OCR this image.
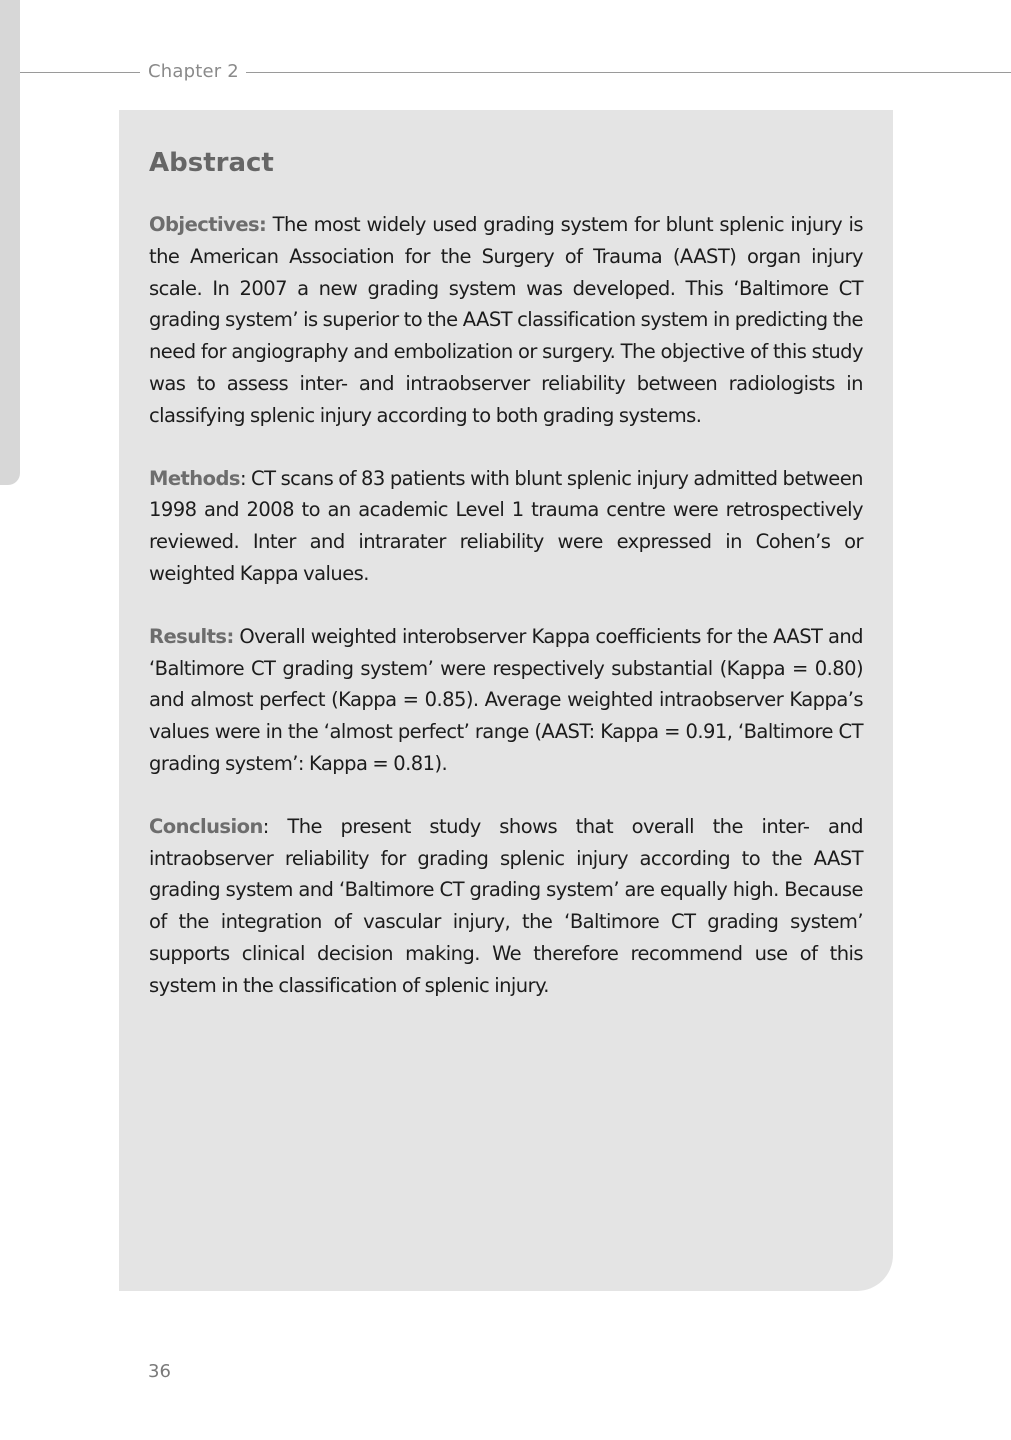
Chapter 2
Abstract

Objectives: The most widely used grading system for blunt splenic injury is the American Association for the Surgery of Trauma (AAST) organ injury scale. In 2007 a new grading system was developed. This ‘Baltimore CT grading system’ is superior to the AAST classification system in predicting the need for angiography and embolization or surgery. The objective of this study was to assess inter- and intraobserver reliability between radiologists in classifying splenic injury according to both grading systems.

Methods: CT scans of 83 patients with blunt splenic injury admitted between 1998 and 2008 to an academic Level 1 trauma centre were retrospectively reviewed. Inter and intrarater reliability were expressed in Cohen’s or weighted Kappa values.

Results: Overall weighted interobserver Kappa coefficients for the AAST and ‘Baltimore CT grading system’ were respectively substantial (Kappa = 0.80) and almost perfect (Kappa = 0.85). Average weighted intraobserver Kappa’s values were in the ‘almost perfect’ range (AAST: Kappa = 0.91, ‘Baltimore CT grading system’: Kappa = 0.81).

Conclusion: The present study shows that overall the inter- and intraobserver reliability for grading splenic injury according to the AAST grading system and ‘Baltimore CT grading system’ are equally high. Because of the integration of vascular injury, the ‘Baltimore CT grading system’ supports clinical decision making. We therefore recommend use of this system in the classification of splenic injury.

36
